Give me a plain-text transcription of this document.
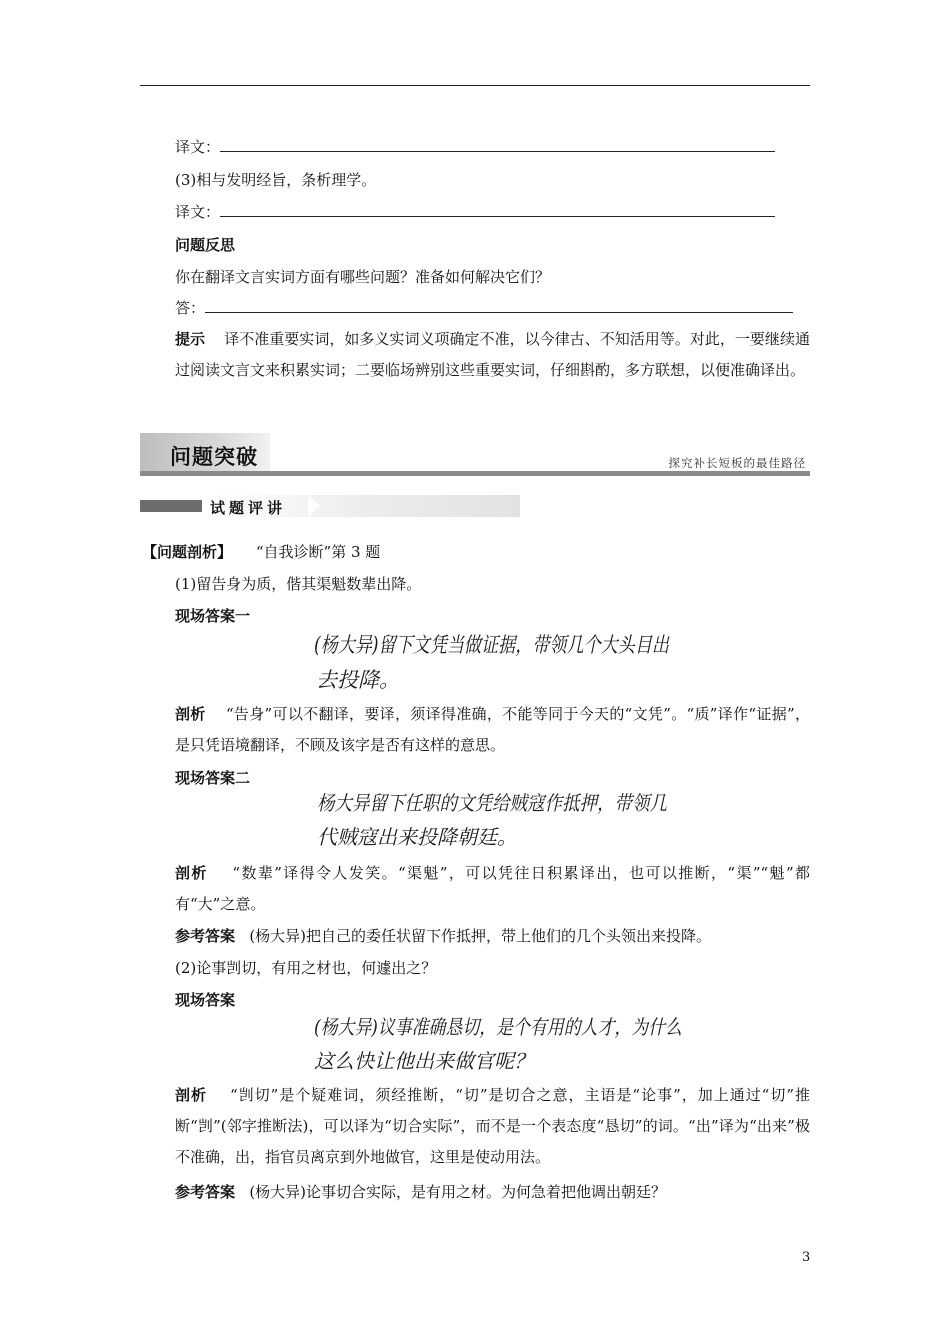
译文：
(3)相与发明经旨，条析理学。
译文：
问题反思
你在翻译文言实词方面有哪些问题？准备如何解决它们？
答：
提示 译不准重要实词，如多义实词义项确定不准，以今律古、不知活用等。对此，一要继续通过阅读文言文来积累实词；二要临场辨别这些重要实词，仔细斟酌，多方联想，以便准确译出。
问题突破	探究补长短板的最佳路径
试题评讲
【问题剖析】 “自我诊断”第 3 题
(1)留告身为质，偕其渠魁数辈出降。
现场答案一
(杨大异)留下文凭当做证据，带领几个大头目出
去投降。
剖析 “告身”可以不翻译，要译，须译得准确，不能等同于今天的“文凭”。“质”译作“证据”，是只凭语境翻译，不顾及该字是否有这样的意思。
现场答案二
杨大异留下任职的文凭给贼寇作抵押，带领几
代贼寇出来投降朝廷。
剖析 “数辈”译得令人发笑。“渠魁”，可以凭往日积累译出，也可以推断，“渠”“魁”都有“大”之意。
参考答案 (杨大异)把自己的委任状留下作抵押，带上他们的几个头领出来投降。
(2)论事剀切，有用之材也，何遽出之？
现场答案
(杨大异)议事准确恳切，是个有用的人才，为什么
这么快让他出来做官呢？
剖析 “剀切”是个疑难词，须经推断，“切”是切合之意，主语是“论事”，加上通过“切”推断“剀”(邻字推断法)，可以译为“切合实际”，而不是一个表态度“恳切”的词。“出”译为“出来”极不准确，出，指官员离京到外地做官，这里是使动用法。
参考答案 (杨大异)论事切合实际，是有用之材。为何急着把他调出朝廷？
3
